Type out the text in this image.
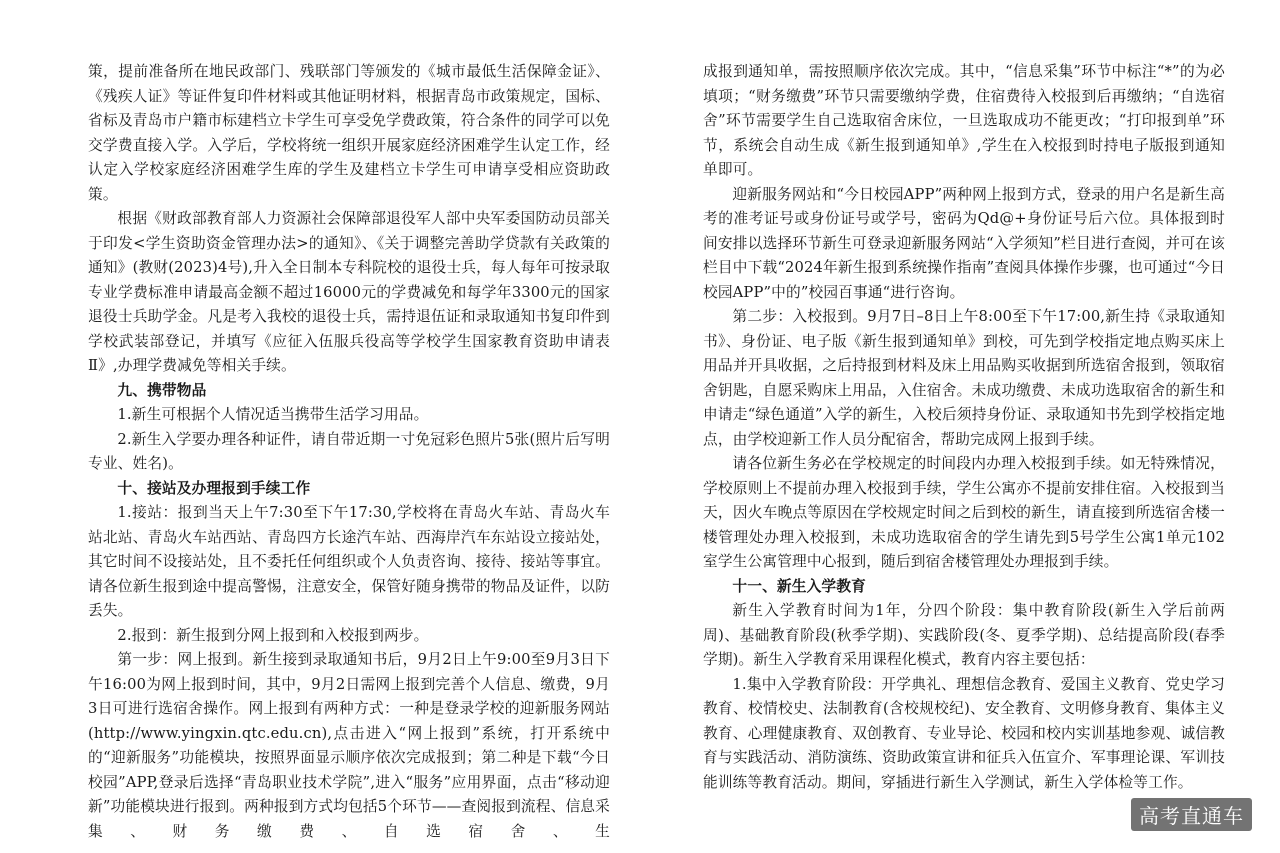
策，提前准备所在地民政部门、残联部门等颁发的《城市最低生活保障金证》、《残疾人证》等证件复印件材料或其他证明材料，根据青岛市政策规定，国标、省标及青岛市户籍市标建档立卡学生可享受免学费政策，符合条件的同学可以免交学费直接入学。入学后，学校将统一组织开展家庭经济困难学生认定工作，经认定入学校家庭经济困难学生库的学生及建档立卡学生可申请享受相应资助政策。

根据《财政部教育部人力资源社会保障部退役军人部中央军委国防动员部关于印发<学生资助资金管理办法>的通知》、《关于调整完善助学贷款有关政策的通知》(教财(2023)4号),升入全日制本专科院校的退役士兵，每人每年可按录取专业学费标准申请最高金额不超过16000元的学费减免和每学年3300元的国家退役士兵助学金。凡是考入我校的退役士兵，需持退伍证和录取通知书复印件到学校武装部登记，并填写《应征入伍服兵役高等学校学生国家教育资助申请表Ⅱ》,办理学费减免等相关手续。

九、携带物品

1.新生可根据个人情况适当携带生活学习用品。

2.新生入学要办理各种证件，请自带近期一寸免冠彩色照片5张(照片后写明专业、姓名)。

十、接站及办理报到手续工作

1.接站：报到当天上午7:30至下午17:30,学校将在青岛火车站、青岛火车站北站、青岛火车站西站、青岛四方长途汽车站、西海岸汽车东站设立接站处，其它时间不设接站处，且不委托任何组织或个人负责咨询、接待、接站等事宜。请各位新生报到途中提高警惕，注意安全，保管好随身携带的物品及证件，以防丢失。

2.报到：新生报到分网上报到和入校报到两步。

第一步：网上报到。新生接到录取通知书后，9月2日上午9:00至9月3日下午16:00为网上报到时间，其中，9月2日需网上报到完善个人信息、缴费，9月3日可进行选宿舍操作。网上报到有两种方式：一种是登录学校的迎新服务网站(http://www.yingxin.qtc.edu.cn),点击进入“网上报到”系统，打开系统中的“迎新服务”功能模块，按照界面显示顺序依次完成报到；第二种是下载“今日校园”APP,登录后选择“青岛职业技术学院”,进入“服务”应用界面，点击“移动迎新”功能模块进行报到。两种报到方式均包括5个环节——查阅报到流程、信息采集、财务缴费、自选宿舍、生

成报到通知单，需按照顺序依次完成。其中，“信息采集”环节中标注“*”的为必填项；“财务缴费”环节只需要缴纳学费，住宿费待入校报到后再缴纳；“自选宿舍”环节需要学生自己选取宿舍床位，一旦选取成功不能更改；“打印报到单”环节，系统会自动生成《新生报到通知单》,学生在入校报到时持电子版报到通知单即可。

迎新服务网站和“今日校园APP”两种网上报到方式，登录的用户名是新生高考的准考证号或身份证号或学号，密码为Qd@+身份证号后六位。具体报到时间安排以选择环节新生可登录迎新服务网站“入学须知”栏目进行查阅，并可在该栏目中下载“2024年新生报到系统操作指南”查阅具体操作步骤，也可通过“今日校园APP”中的”校园百事通“进行咨询。

第二步：入校报到。9月7日–8日上午8:00至下午17:00,新生持《录取通知书》、身份证、电子版《新生报到通知单》到校，可先到学校指定地点购买床上用品并开具收据，之后持报到材料及床上用品购买收据到所选宿舍报到，领取宿舍钥匙，自愿采购床上用品，入住宿舍。未成功缴费、未成功选取宿舍的新生和申请走“绿色通道”入学的新生，入校后须持身份证、录取通知书先到学校指定地点，由学校迎新工作人员分配宿舍，帮助完成网上报到手续。

请各位新生务必在学校规定的时间段内办理入校报到手续。如无特殊情况，学校原则上不提前办理入校报到手续，学生公寓亦不提前安排住宿。入校报到当天，因火车晚点等原因在学校规定时间之后到校的新生，请直接到所选宿舍楼一楼管理处办理入校报到，未成功选取宿舍的学生请先到5号学生公寓1单元102室学生公寓管理中心报到，随后到宿舍楼管理处办理报到手续。

十一、新生入学教育

新生入学教育时间为1年，分四个阶段：集中教育阶段(新生入学后前两周)、基础教育阶段(秋季学期)、实践阶段(冬、夏季学期)、总结提高阶段(春季学期)。新生入学教育采用课程化模式，教育内容主要包括：

1.集中入学教育阶段：开学典礼、理想信念教育、爱国主义教育、党史学习教育、校情校史、法制教育(含校规校纪)、安全教育、文明修身教育、集体主义教育、心理健康教育、双创教育、专业导论、校园和校内实训基地参观、诚信教育与实践活动、消防演练、资助政策宣讲和征兵入伍宣介、军事理论课、军训技能训练等教育活动。期间，穿插进行新生入学测试，新生入学体检等工作。

高考直通车
